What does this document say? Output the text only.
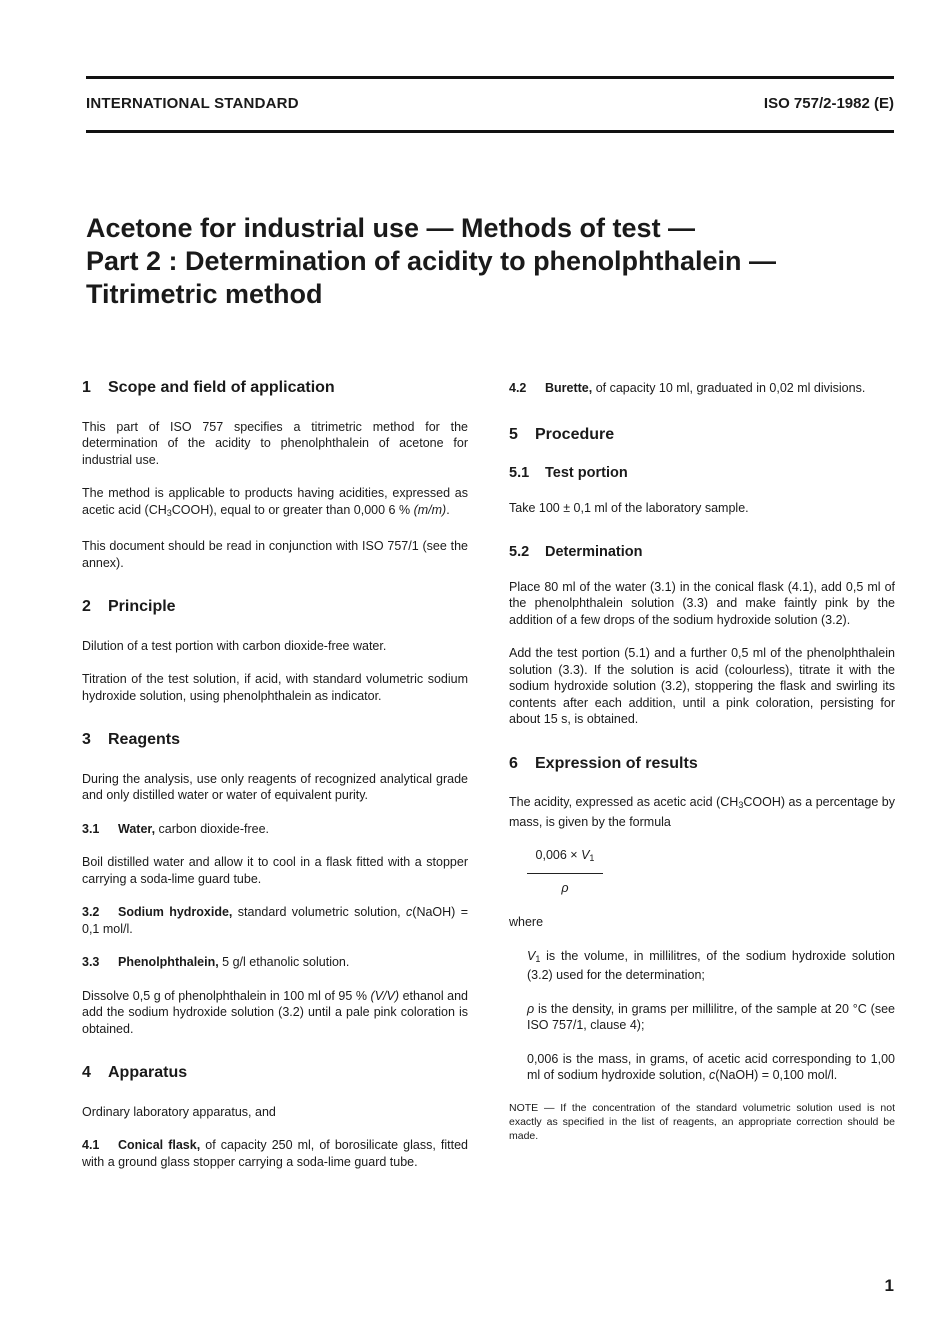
INTERNATIONAL STANDARD	ISO 757/2-1982 (E)
Acetone for industrial use — Methods of test —
Part 2 : Determination of acidity to phenolphthalein —
Titrimetric method
1 Scope and field of application

This part of ISO 757 specifies a titrimetric method for the determination of the acidity to phenolphthalein of acetone for industrial use.

The method is applicable to products having acidities, expressed as acetic acid $(CH_3COOH)$, equal to or greater than 0,000 6 % (m/m).

This document should be read in conjunction with ISO 757/1 (see the annex).

2 Principle

Dilution of a test portion with carbon dioxide-free water.

Titration of the test solution, if acid, with standard volumetric sodium hydroxide solution, using phenolphthalein as indicator.

3 Reagents

During the analysis, use only reagents of recognized analytical grade and only distilled water or water of equivalent purity.

3.1 Water, carbon dioxide-free.

Boil distilled water and allow it to cool in a flask fitted with a stopper carrying a soda-lime guard tube.

3.2 Sodium hydroxide, standard volumetric solution, c(NaOH) = 0,1 mol/l.

3.3 Phenolphthalein, 5 g/l ethanolic solution.

Dissolve 0,5 g of phenolphthalein in 100 ml of 95 % (V/V) ethanol and add the sodium hydroxide solution (3.2) until a pale pink coloration is obtained.

4 Apparatus

Ordinary laboratory apparatus, and

4.1 Conical flask, of capacity 250 ml, of borosilicate glass, fitted with a ground glass stopper carrying a soda-lime guard tube.

4.2 Burette, of capacity 10 ml, graduated in 0,02 ml divisions.

5 Procedure
5.1 Test portion

Take 100 ± 0,1 ml of the laboratory sample.

5.2 Determination

Place 80 ml of the water (3.1) in the conical flask (4.1), add 0,5 ml of the phenolphthalein solution (3.3) and make faintly pink by the addition of a few drops of the sodium hydroxide solution (3.2).

Add the test portion (5.1) and a further 0,5 ml of the phenolphthalein solution (3.3). If the solution is acid (colourless), titrate it with the sodium hydroxide solution (3.2), stoppering the flask and swirling its contents after each addition, until a pink coloration, persisting for about 15 s, is obtained.

6 Expression of results

The acidity, expressed as acetic acid $(CH_3COOH)$ as a percentage by mass, is given by the formula

$0,006 \times V_1$
ρ

where

$V_1$ is the volume, in millilitres, of the sodium hydroxide solution (3.2) used for the determination;

ρ is the density, in grams per millilitre, of the sample at 20 °C (see ISO 757/1, clause 4);

0,006 is the mass, in grams, of acetic acid corresponding to 1,00 ml of sodium hydroxide solution, c(NaOH) = 0,100 mol/l.

NOTE — If the concentration of the standard volumetric solution used is not exactly as specified in the list of reagents, an appropriate correction should be made.

1
